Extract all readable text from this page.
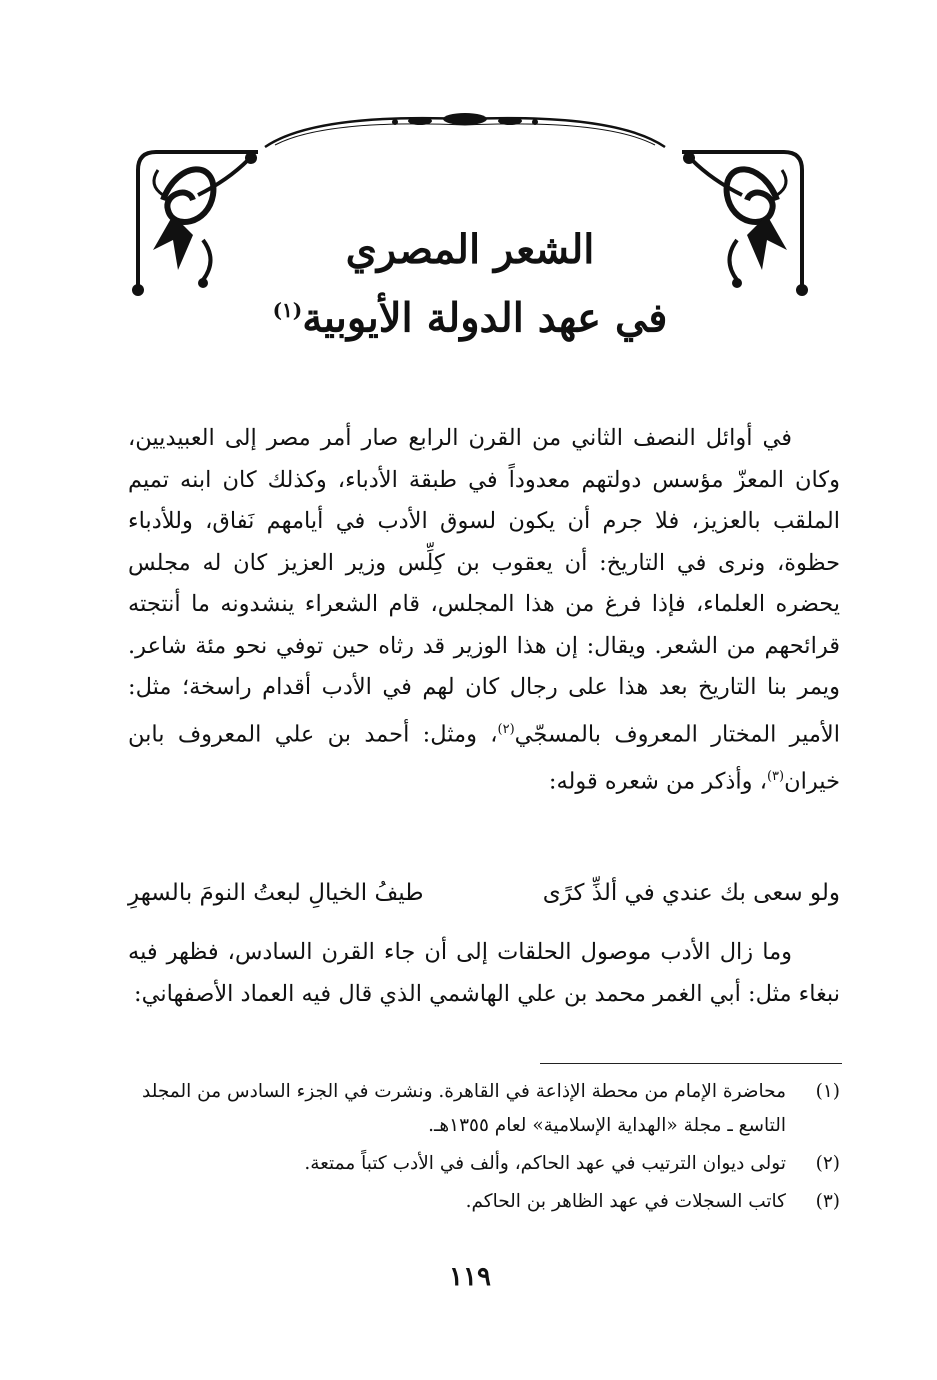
الشعر المصري
في عهد الدولة الأيوبية$^{(١)}$

في أوائل النصف الثاني من القرن الرابع صار أمر مصر إلى العبيديين، وكان المعزّ مؤسس دولتهم معدوداً في طبقة الأدباء، وكذلك كان ابنه تميم الملقب بالعزيز، فلا جرم أن يكون لسوق الأدب في أيامهم نَفاق، وللأدباء حظوة، ونرى في التاريخ: أن يعقوب بن كِلِّس وزير العزيز كان له مجلس يحضره العلماء، فإذا فرغ من هذا المجلس، قام الشعراء ينشدونه ما أنتجته قرائحهم من الشعر. ويقال: إن هذا الوزير قد رثاه حين توفي نحو مئة شاعر. ويمر بنا التاريخ بعد هذا على رجال كان لهم في الأدب أقدام راسخة؛ مثل: الأمير المختار المعروف بالمسجّي$^{(٢)}$، ومثل: أحمد بن علي المعروف بابن خيران$^{(٣)}$، وأذكر من شعره قوله:

ولو سعى بك عندي في ألذِّ كرًى
طيفُ الخيالِ لبعتُ النومَ بالسهرِ

وما زال الأدب موصول الحلقات إلى أن جاء القرن السادس، فظهر فيه نبغاء مثل: أبي الغمر محمد بن علي الهاشمي الذي قال فيه العماد الأصفهاني:

(١)
محاضرة الإمام من محطة الإذاعة في القاهرة. ونشرت في الجزء السادس من المجلد التاسع ـ مجلة «الهداية الإسلامية» لعام ١٣٥٥هـ.

(٢)
تولى ديوان الترتيب في عهد الحاكم، وألف في الأدب كتباً ممتعة.

(٣)
كاتب السجلات في عهد الظاهر بن الحاكم.

١١٩
